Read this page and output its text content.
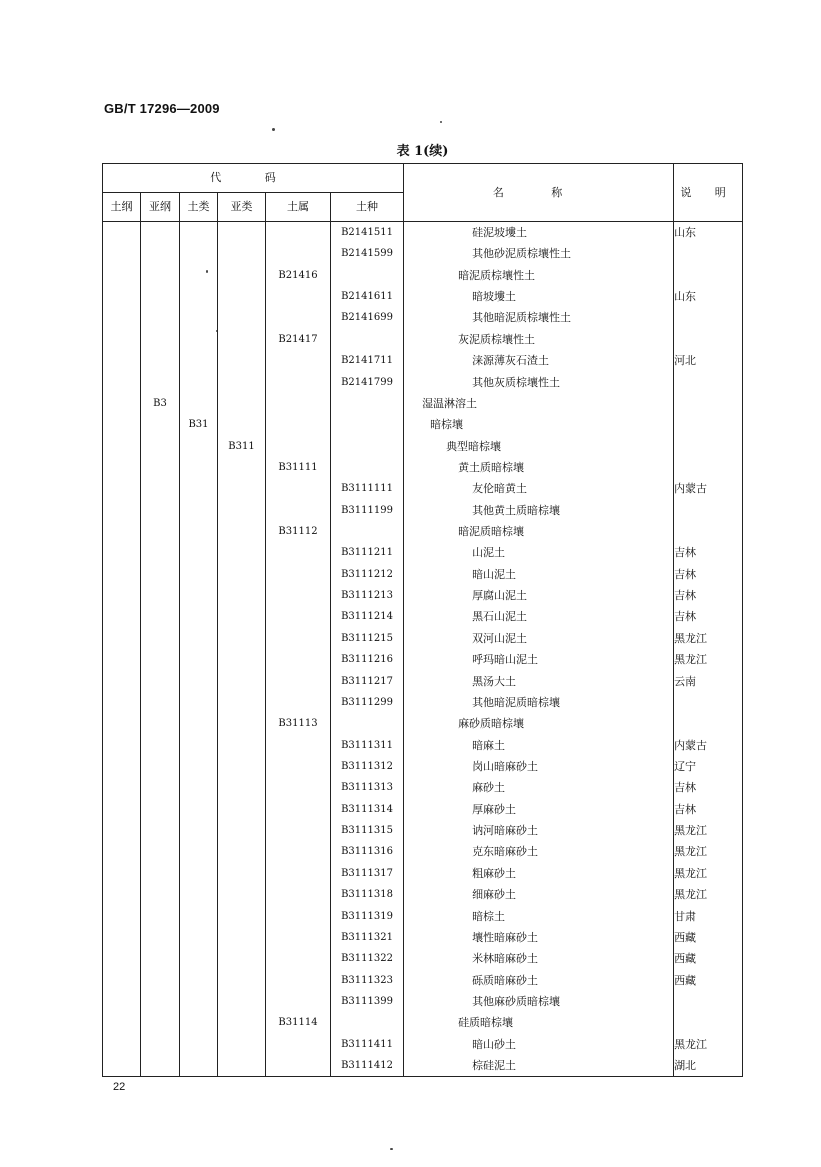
GB/T 17296—2009
表 1(续)
代 码						名 称	说 明
土纲	亚纲	土类	亚类	土属	土种		
					B2141511	硅泥坡塿土	山东
					B2141599	其他砂泥质棕壤性土	
				B21416		暗泥质棕壤性土	
					B2141611	暗坡塿土	山东
					B2141699	其他暗泥质棕壤性土	
				B21417		灰泥质棕壤性土	
					B2141711	涞源薄灰石渣土	河北
					B2141799	其他灰质棕壤性土	
	B3					湿温淋溶土	
		B31				暗棕壤	
			B311			典型暗棕壤	
				B31111		黄土质暗棕壤	
					B3111111	友伦暗黄土	内蒙古
					B3111199	其他黄土质暗棕壤	
				B31112		暗泥质暗棕壤	
					B3111211	山泥土	吉林
					B3111212	暗山泥土	吉林
					B3111213	厚腐山泥土	吉林
					B3111214	黑石山泥土	吉林
					B3111215	双河山泥土	黑龙江
					B3111216	呼玛暗山泥土	黑龙江
					B3111217	黑汤大土	云南
					B3111299	其他暗泥质暗棕壤	
				B31113		麻砂质暗棕壤	
					B3111311	暗麻土	内蒙古
					B3111312	岗山暗麻砂土	辽宁
					B3111313	麻砂土	吉林
					B3111314	厚麻砂土	吉林
					B3111315	讷河暗麻砂土	黑龙江
					B3111316	克东暗麻砂土	黑龙江
					B3111317	粗麻砂土	黑龙江
					B3111318	细麻砂土	黑龙江
					B3111319	暗棕土	甘肃
					B3111321	壤性暗麻砂土	西藏
					B3111322	米林暗麻砂土	西藏
					B3111323	砾质暗麻砂土	西藏
					B3111399	其他麻砂质暗棕壤	
				B31114		硅质暗棕壤	
					B3111411	暗山砂土	黑龙江
					B3111412	棕硅泥土	湖北
22
